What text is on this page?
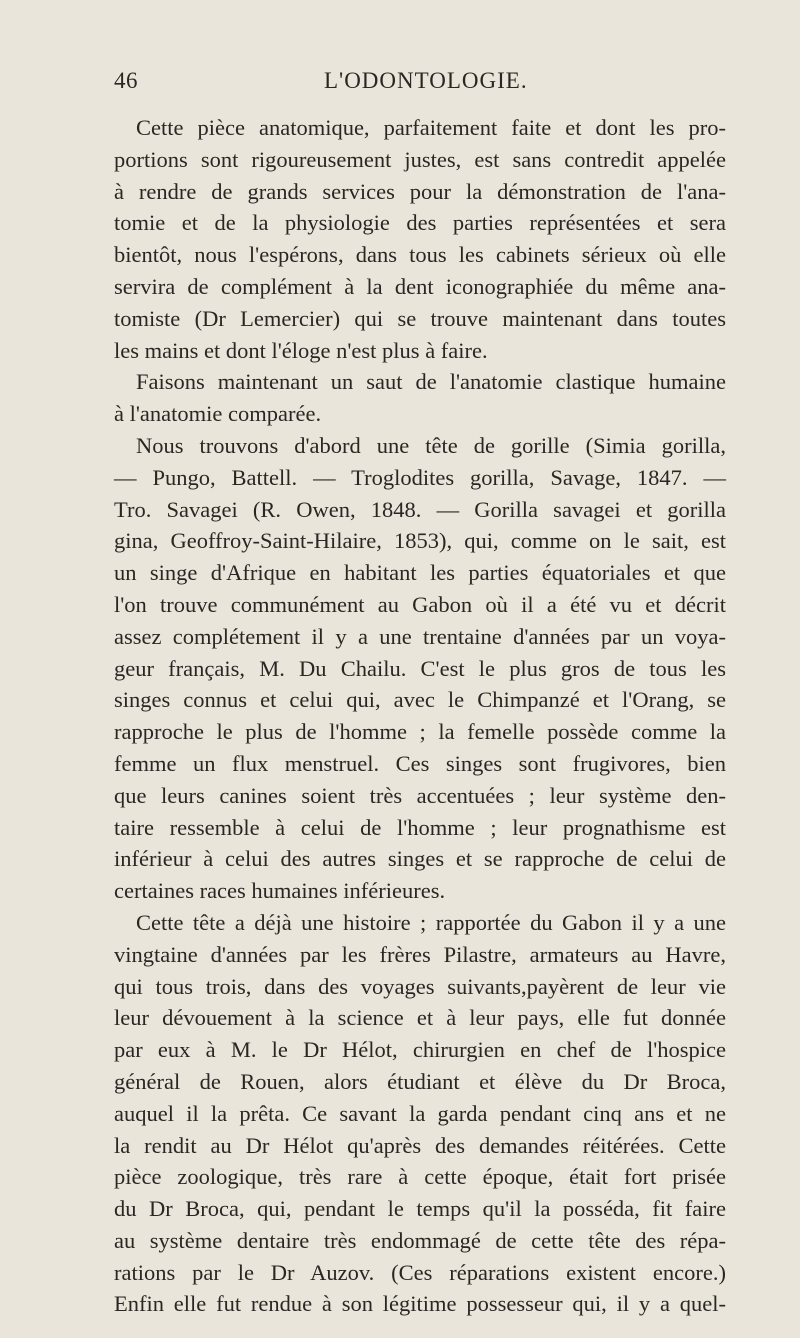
46	L'ODONTOLOGIE.
Cette pièce anatomique, parfaitement faite et dont les pro-
portions sont rigoureusement justes, est sans contredit appelée
à rendre de grands services pour la démonstration de l'ana-
tomie et de la physiologie des parties représentées et sera
bientôt, nous l'espérons, dans tous les cabinets sérieux où elle
servira de complément à la dent iconographiée du même ana-
tomiste (Dr Lemercier) qui se trouve maintenant dans toutes
les mains et dont l'éloge n'est plus à faire.
Faisons maintenant un saut de l'anatomie clastique humaine
à l'anatomie comparée.
Nous trouvons d'abord une tête de gorille (Simia gorilla,
— Pungo, Battell. — Troglodites gorilla, Savage, 1847. —
Tro. Savagei (R. Owen, 1848. — Gorilla savagei et gorilla
gina, Geoffroy-Saint-Hilaire, 1853), qui, comme on le sait, est
un singe d'Afrique en habitant les parties équatoriales et que
l'on trouve communément au Gabon où il a été vu et décrit
assez complétement il y a une trentaine d'années par un voya-
geur français, M. Du Chailu. C'est le plus gros de tous les
singes connus et celui qui, avec le Chimpanzé et l'Orang, se
rapproche le plus de l'homme ; la femelle possède comme la
femme un flux menstruel. Ces singes sont frugivores, bien
que leurs canines soient très accentuées ; leur système den-
taire ressemble à celui de l'homme ; leur prognathisme est
inférieur à celui des autres singes et se rapproche de celui de
certaines races humaines inférieures.
Cette tête a déjà une histoire ; rapportée du Gabon il y a une
vingtaine d'années par les frères Pilastre, armateurs au Havre,
qui tous trois, dans des voyages suivants,payèrent de leur vie
leur dévouement à la science et à leur pays, elle fut donnée
par eux à M. le Dr Hélot, chirurgien en chef de l'hospice
général de Rouen, alors étudiant et élève du Dr Broca,
auquel il la prêta. Ce savant la garda pendant cinq ans et ne
la rendit au Dr Hélot qu'après des demandes réitérées. Cette
pièce zoologique, très rare à cette époque, était fort prisée
du Dr Broca, qui, pendant le temps qu'il la posséda, fit faire
au système dentaire très endommagé de cette tête des répa-
rations par le Dr Auzov. (Ces réparations existent encore.)
Enfin elle fut rendue à son légitime possesseur qui, il y a quel-
